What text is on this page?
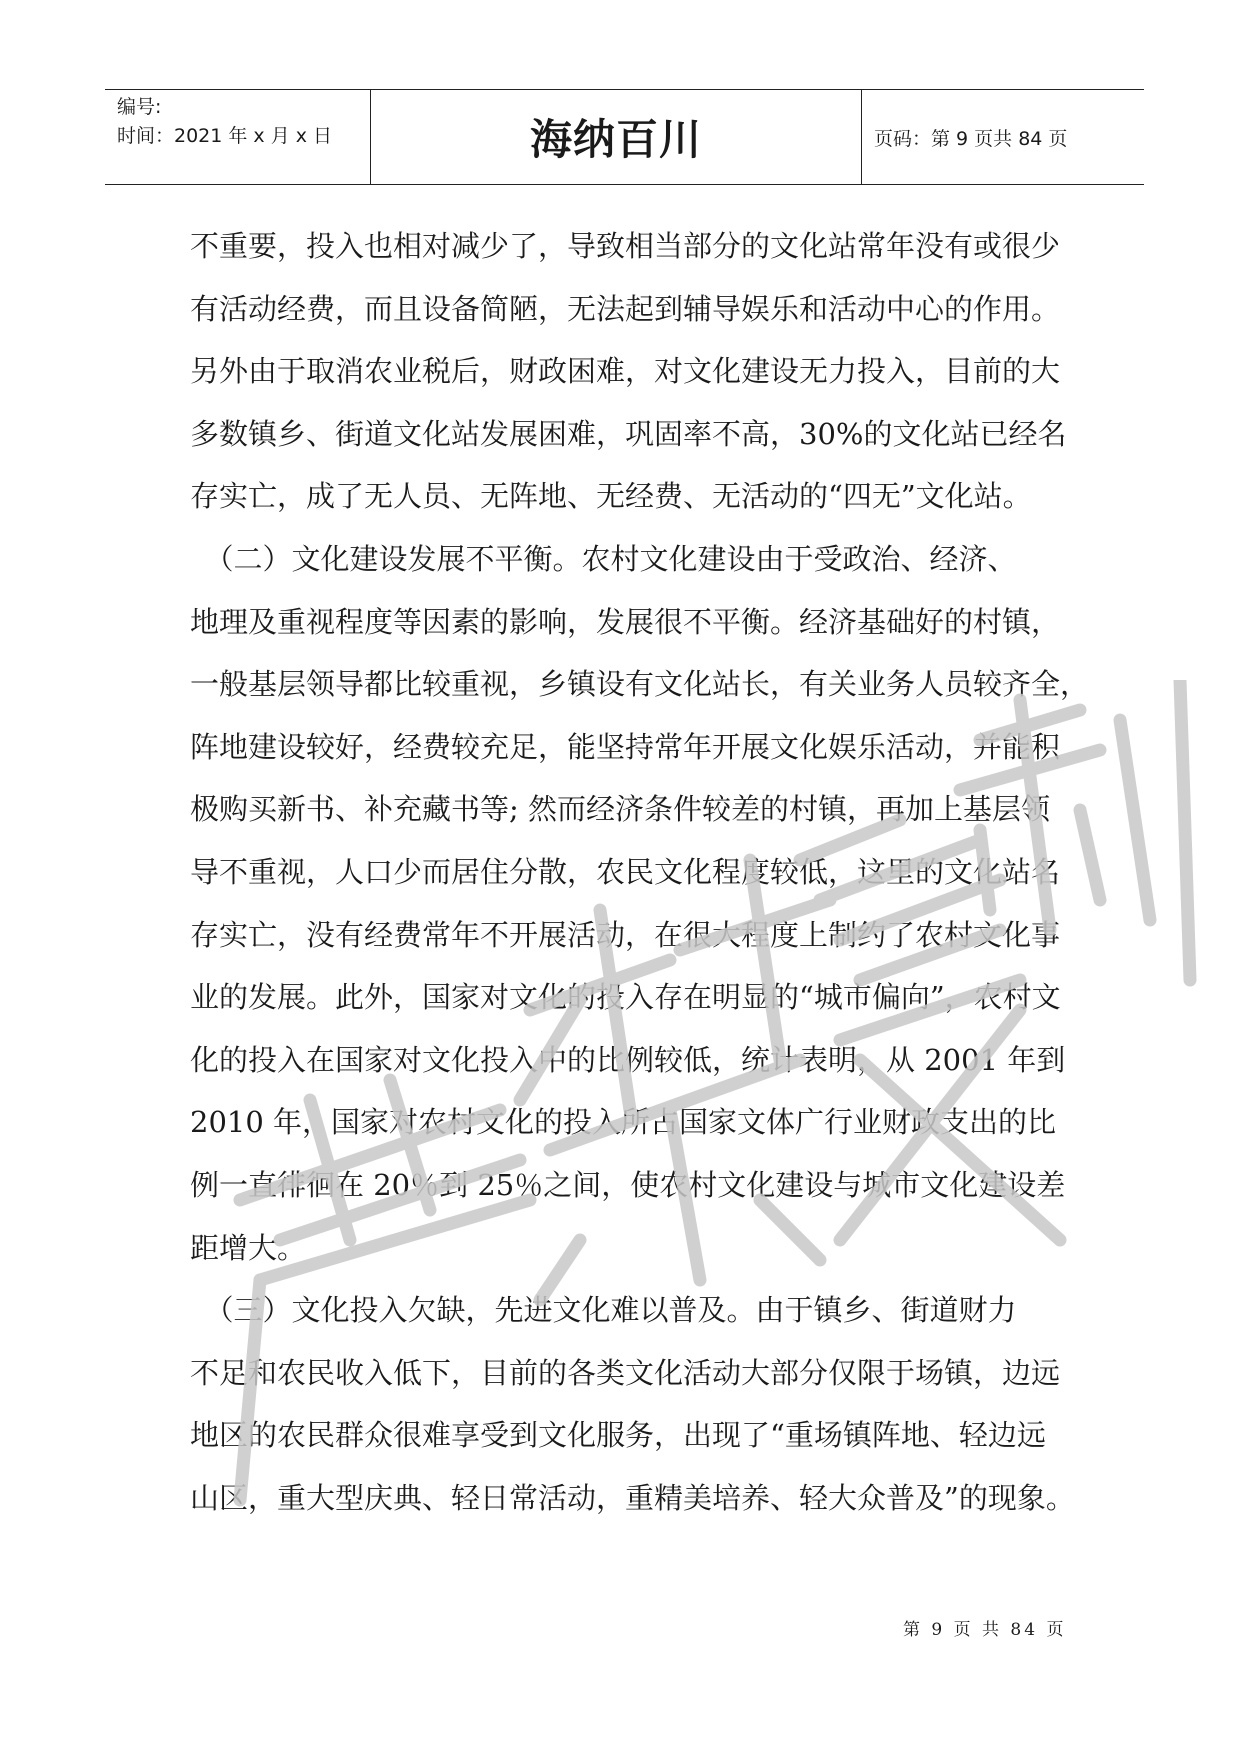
编号:
时间：2021 年 x 月 x 日	海纳百川	页码：第 9 页共 84 页
不重要，投入也相对减少了，导致相当部分的文化站常年没有或很少
有活动经费，而且设备简陋，无法起到辅导娱乐和活动中心的作用。
另外由于取消农业税后，财政困难，对文化建设无力投入，目前的大
多数镇乡、街道文化站发展困难，巩固率不高，30%的文化站已经名
存实亡，成了无人员、无阵地、无经费、无活动的“四无”文化站。
　（二）文化建设发展不平衡。农村文化建设由于受政治、经济、
地理及重视程度等因素的影响，发展很不平衡。经济基础好的村镇，
一般基层领导都比较重视，乡镇设有文化站长，有关业务人员较齐全，
阵地建设较好，经费较充足，能坚持常年开展文化娱乐活动，并能积
极购买新书、补充藏书等; 然而经济条件较差的村镇，再加上基层领
导不重视，人口少而居住分散，农民文化程度较低，这里的文化站名
存实亡，没有经费常年不开展活动，在很大程度上制约了农村文化事
业的发展。此外，国家对文化的投入存在明显的“城市偏向”，农村文
化的投入在国家对文化投入中的比例较低，统计表明，从 2001 年到
2010 年，国家对农村文化的投入所占国家文体广行业财政支出的比
例一直徘徊在 20％到 25％之间，使农村文化建设与城市文化建设差
距增大。
　（三）文化投入欠缺，先进文化难以普及。由于镇乡、街道财力
不足和农民收入低下，目前的各类文化活动大部分仅限于场镇，边远
地区的农民群众很难享受到文化服务，出现了“重场镇阵地、轻边远
山区，重大型庆典、轻日常活动，重精美培养、轻大众普及”的现象。
第 9 页 共 84 页
